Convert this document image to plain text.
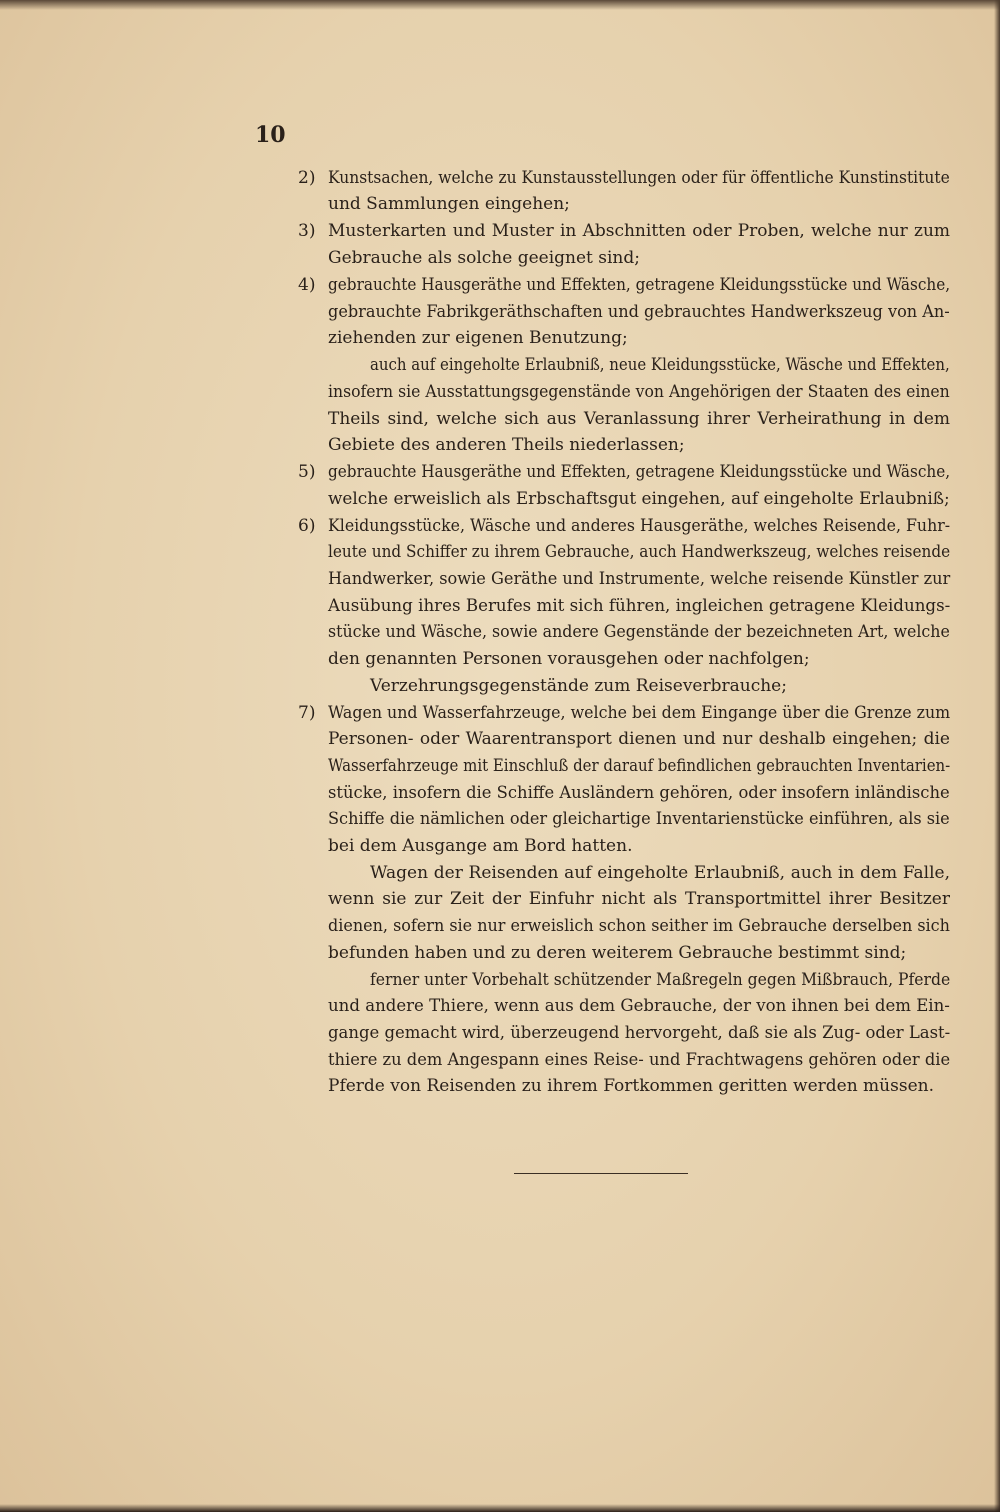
10
2) Kunstsachen, welche zu Kunstausstellungen oder für öffentliche Kunstinstitute
und Sammlungen eingehen;
3) Musterkarten und Muster in Abschnitten oder Proben, welche nur zum
Gebrauche als solche geeignet sind;
4) gebrauchte Hausgeräthe und Effekten, getragene Kleidungsstücke und Wäsche,
gebrauchte Fabrikgeräthschaften und gebrauchtes Handwerkszeug von An-
ziehenden zur eigenen Benutzung;
auch auf eingeholte Erlaubniß, neue Kleidungsstücke, Wäsche und Effekten,
insofern sie Ausstattungsgegenstände von Angehörigen der Staaten des einen
Theils sind, welche sich aus Veranlassung ihrer Verheirathung in dem
Gebiete des anderen Theils niederlassen;
5) gebrauchte Hausgeräthe und Effekten, getragene Kleidungsstücke und Wäsche,
welche erweislich als Erbschaftsgut eingehen, auf eingeholte Erlaubniß;
6) Kleidungsstücke, Wäsche und anderes Hausgeräthe, welches Reisende, Fuhr-
leute und Schiffer zu ihrem Gebrauche, auch Handwerkszeug, welches reisende
Handwerker, sowie Geräthe und Instrumente, welche reisende Künstler zur
Ausübung ihres Berufes mit sich führen, ingleichen getragene Kleidungs-
stücke und Wäsche, sowie andere Gegenstände der bezeichneten Art, welche
den genannten Personen vorausgehen oder nachfolgen;
Verzehrungsgegenstände zum Reiseverbrauche;
7) Wagen und Wasserfahrzeuge, welche bei dem Eingange über die Grenze zum
Personen- oder Waarentransport dienen und nur deshalb eingehen; die
Wasserfahrzeuge mit Einschluß der darauf befindlichen gebrauchten Inventarien-
stücke, insofern die Schiffe Ausländern gehören, oder insofern inländische
Schiffe die nämlichen oder gleichartige Inventarienstücke einführen, als sie
bei dem Ausgange am Bord hatten.
Wagen der Reisenden auf eingeholte Erlaubniß, auch in dem Falle,
wenn sie zur Zeit der Einfuhr nicht als Transportmittel ihrer Besitzer
dienen, sofern sie nur erweislich schon seither im Gebrauche derselben sich
befunden haben und zu deren weiterem Gebrauche bestimmt sind;
ferner unter Vorbehalt schützender Maßregeln gegen Mißbrauch, Pferde
und andere Thiere, wenn aus dem Gebrauche, der von ihnen bei dem Ein-
gange gemacht wird, überzeugend hervorgeht, daß sie als Zug- oder Last-
thiere zu dem Angespann eines Reise- und Frachtwagens gehören oder die
Pferde von Reisenden zu ihrem Fortkommen geritten werden müssen.
